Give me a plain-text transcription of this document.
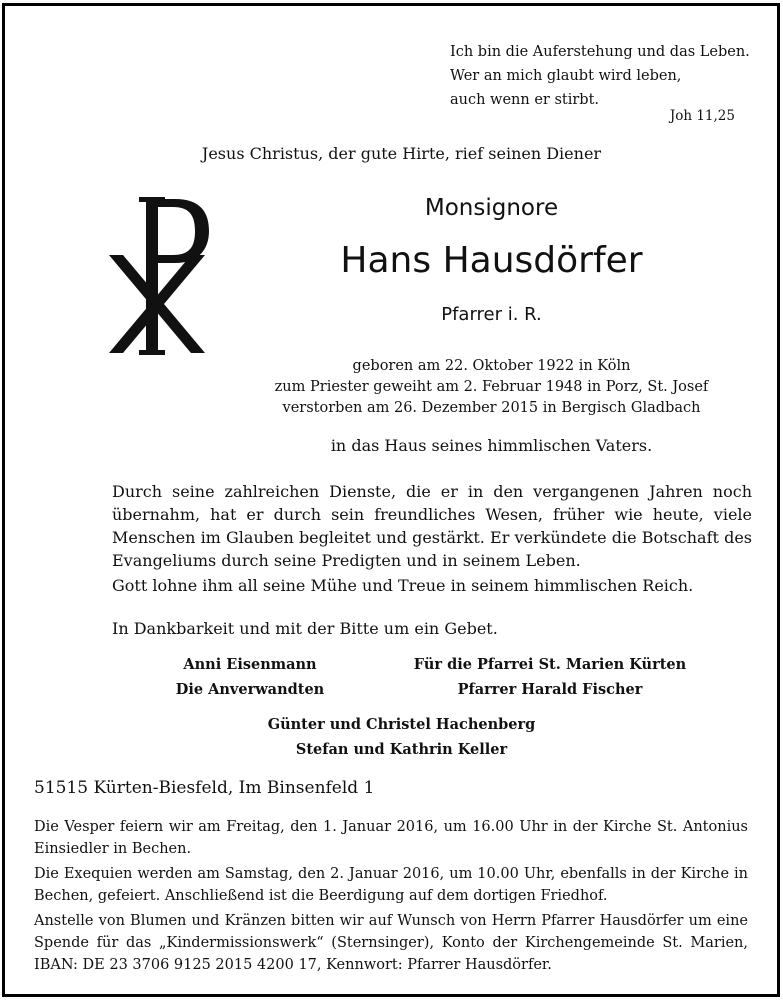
Ich bin die Auferstehung und das Leben.
Wer an mich glaubt wird leben,
auch wenn er stirbt.
Joh 11,25
Jesus Christus, der gute Hirte, rief seinen Diener
Monsignore
Hans Hausdörfer
Pfarrer i. R.
geboren am 22. Oktober 1922 in Köln
zum Priester geweiht am 2. Februar 1948 in Porz, St. Josef
verstorben am 26. Dezember 2015 in Bergisch Gladbach
in das Haus seines himmlischen Vaters.
Durch seine zahlreichen Dienste, die er in den vergangenen Jahren noch übernahm, hat er durch sein freundliches Wesen, früher wie heute, viele Menschen im Glauben begleitet und gestärkt. Er verkündete die Botschaft des Evangeliums durch seine Predigten und in seinem Leben.
Gott lohne ihm all seine Mühe und Treue in seinem himmlischen Reich.
In Dankbarkeit und mit der Bitte um ein Gebet.
Anni Eisenmann
Die Anverwandten
Für die Pfarrei St. Marien Kürten
Pfarrer Harald Fischer
Günter und Christel Hachenberg
Stefan und Kathrin Keller
51515 Kürten-Biesfeld, Im Binsenfeld 1
Die Vesper feiern wir am Freitag, den 1. Januar 2016, um 16.00 Uhr in der Kirche St. Antonius Einsiedler in Bechen.
Die Exequien werden am Samstag, den 2. Januar 2016, um 10.00 Uhr, ebenfalls in der Kirche in Bechen, gefeiert. Anschließend ist die Beerdigung auf dem dortigen Friedhof.
Anstelle von Blumen und Kränzen bitten wir auf Wunsch von Herrn Pfarrer Hausdörfer um eine Spende für das „Kindermissionswerk“ (Sternsinger), Konto der Kirchengemeinde St. Marien, IBAN: DE 23 3706 9125 2015 4200 17, Kennwort: Pfarrer Hausdörfer.
